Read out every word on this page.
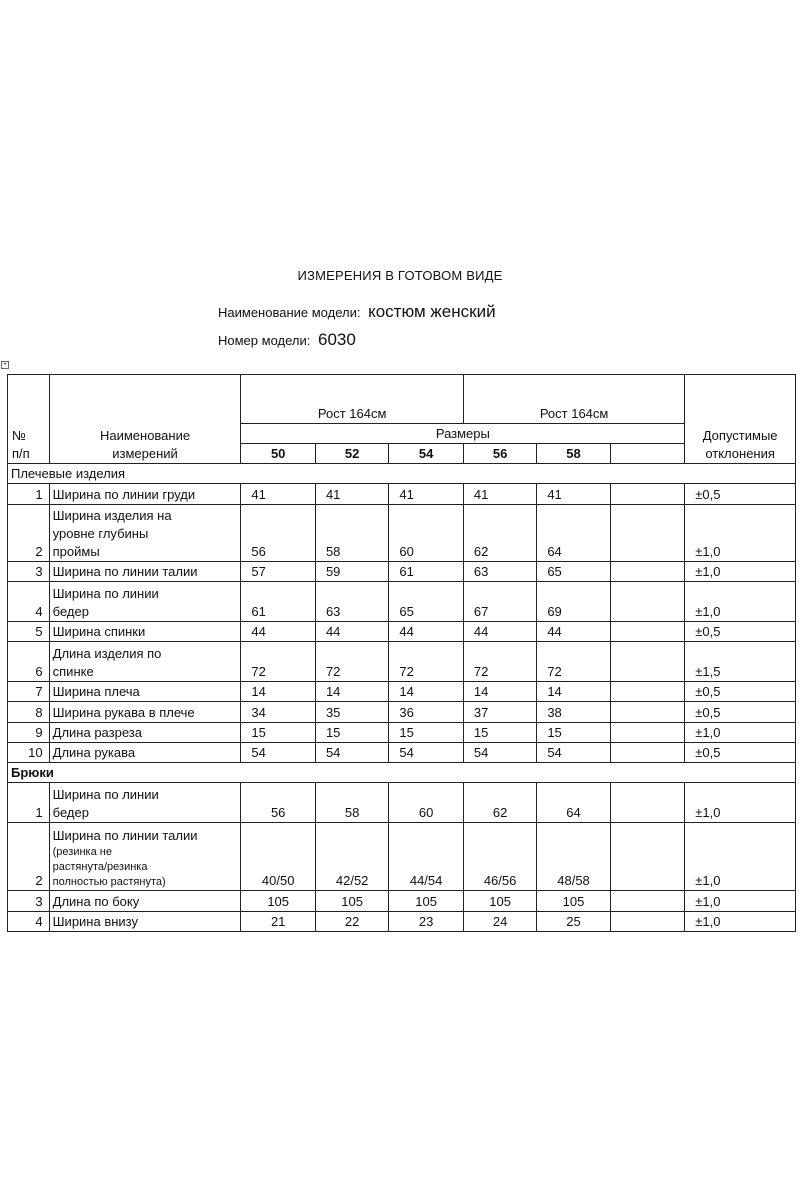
ИЗМЕРЕНИЯ В ГОТОВОМ ВИДЕ
Наименование модели: костюм женский
Номер модели: 6030
+
№
п/п	Наименование
измерений	Рост 164см			Рост 164см			Допустимые
отклонения

		Размеры						
		50	52	54	56	58		
Плечевые изделия								
1	Ширина по линии груди	41	41	41	41	41		±0,5
2	Ширина изделия на
уровне глубины
проймы	56	58	60	62	64		±1,0
3	Ширина по линии талии	57	59	61	63	65		±1,0
4	Ширина по линии
бедер	61	63	65	67	69		±1,0
5	Ширина спинки	44	44	44	44	44		±0,5
6	Длина изделия по
спинке	72	72	72	72	72		±1,5
7	Ширина плеча	14	14	14	14	14		±0,5
8	Ширина рукава в плече	34	35	36	37	38		±0,5
9	Длина разреза	15	15	15	15	15		±1,0
10	Длина рукава	54	54	54	54	54		±0,5
Брюки								
1	Ширина по линии
бедер	56	58	60	62	64		±1,0
2	Ширина по линии талии
(резинка не
растянута/резинка
полностью растянута)	40/50	42/52	44/54	46/56	48/58		±1,0
3	Длина по боку	105	105	105	105	105		±1,0
4	Ширина внизу	21	22	23	24	25		±1,0
